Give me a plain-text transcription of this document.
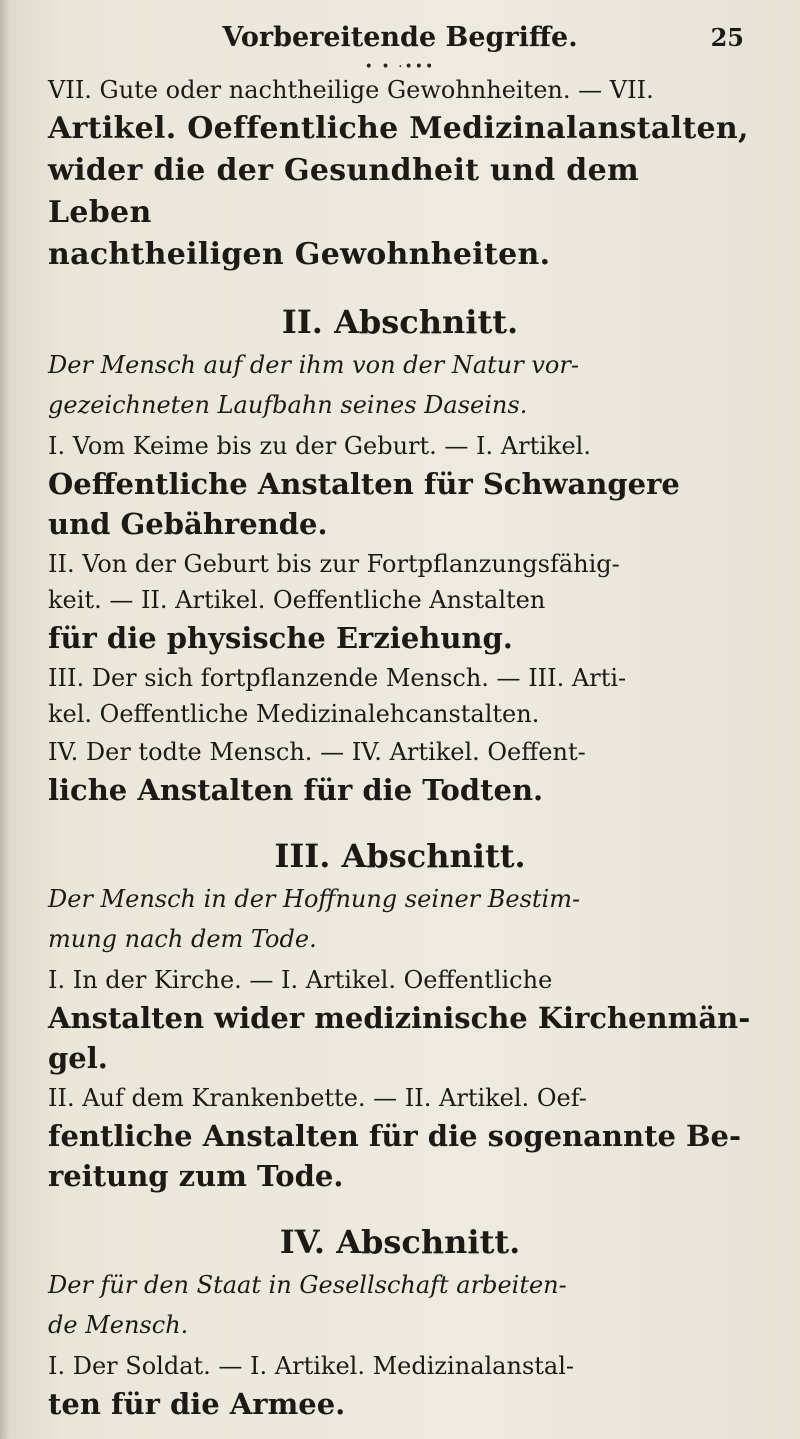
Vorbereitende Begriffe.	25
• • ·•••
VII. Gute oder nachtheilige Gewohnheiten. — VII.
Artikel. Oeffentliche Medizinalanstalten,
wider die der Gesundheit und dem Leben
nachtheiligen Gewohnheiten.
II. Abschnitt.
Der Mensch auf der ihm von der Natur vor-
gezeichneten Laufbahn seines Daseins.
I. Vom Keime bis zu der Geburt. — I. Artikel.
Oeffentliche Anstalten für Schwangere
und Gebährende.
II. Von der Geburt bis zur Fortpflanzungsfähig-
keit. — II. Artikel. Oeffentliche Anstalten
für die physische Erziehung.
III. Der sich fortpflanzende Mensch. — III. Arti-
kel. Oeffentliche Medizinalehcanstalten.
IV. Der todte Mensch. — IV. Artikel. Oeffent-
liche Anstalten für die Todten.
III. Abschnitt.
Der Mensch in der Hoffnung seiner Bestim-
mung nach dem Tode.
I. In der Kirche. — I. Artikel. Oeffentliche
Anstalten wider medizinische Kirchenmän-
gel.
II. Auf dem Krankenbette. — II. Artikel. Oef-
fentliche Anstalten für die sogenannte Be-
reitung zum Tode.
IV. Abschnitt.
Der für den Staat in Gesellschaft arbeiten-
de Mensch.
I. Der Soldat. — I. Artikel. Medizinalanstal-
ten für die Armee.
